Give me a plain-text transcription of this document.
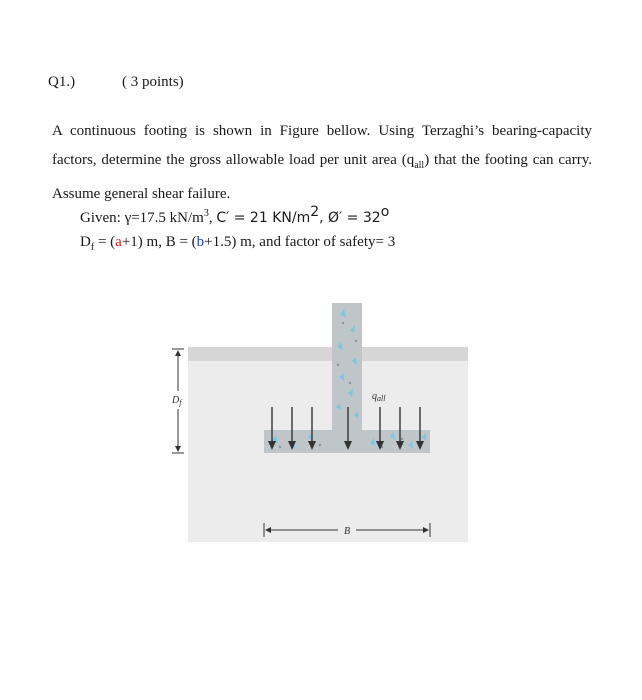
Q1.)	( 3 points)

A continuous footing is shown in Figure bellow. Using Terzaghi’s bearing-capacity factors, determine the gross allowable load per unit area $(q_{all})$ that the footing can carry. Assume general shear failure.

Given: γ=17.5 $kN/m^3$, C′ = 21 $KN/m^2$, Ø′ = $32^o$
$D_f = (a+1)$ m, B = (b+1.5) m, and factor of safety= 3
$q_{all}$
$D_f$
B
